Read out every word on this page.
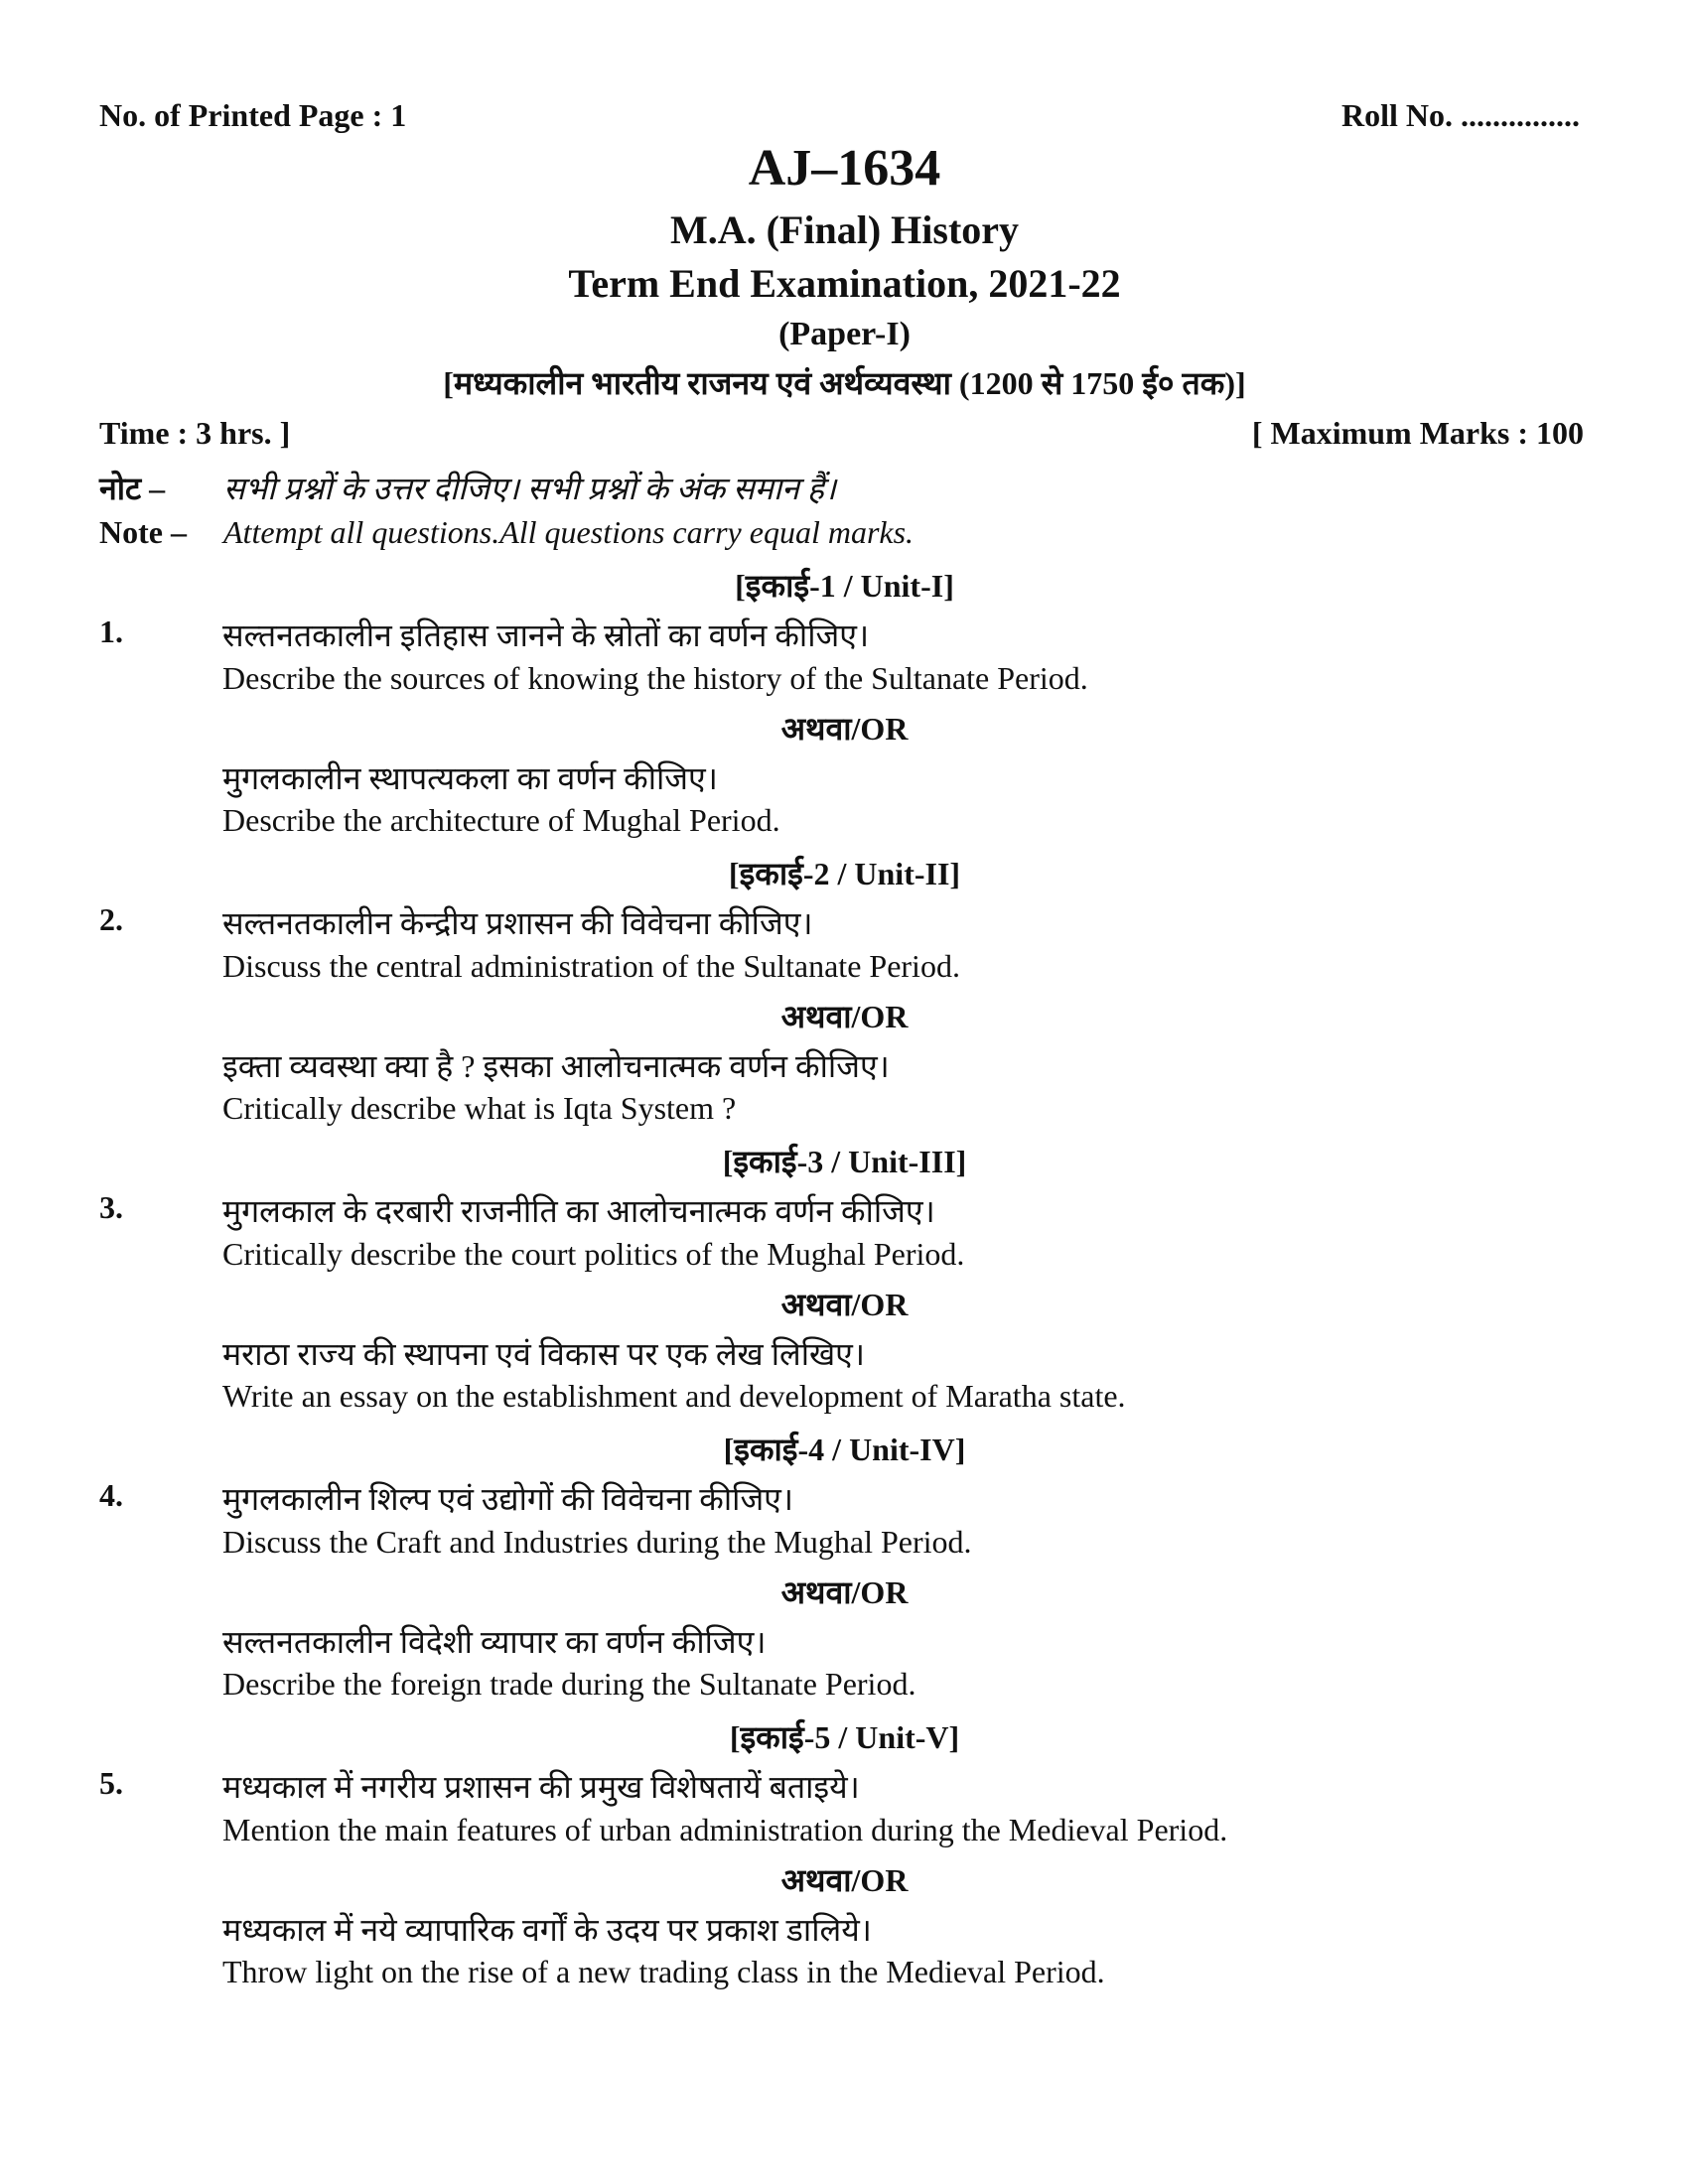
No. of Printed Page : 1	Roll No. ...............
AJ–1634
M.A. (Final) History
Term End Examination, 2021-22
(Paper-I)
[मध्यकालीन भारतीय राजनय एवं अर्थव्यवस्था (1200 से 1750 ई० तक)]
Time : 3 hrs. ]	[ Maximum Marks : 100
नोट –	सभी प्रश्नों के उत्तर दीजिए। सभी प्रश्नों के अंक समान हैं।
Note –	Attempt all questions.All questions carry equal marks.
[इकाई-1 / Unit-I]
1.	सल्तनतकालीन इतिहास जानने के स्रोतों का वर्णन कीजिए।
Describe the sources of knowing the history of the Sultanate Period.
अथवा/OR
मुगलकालीन स्थापत्यकला का वर्णन कीजिए।
Describe the architecture of Mughal Period.
[इकाई-2 / Unit-II]
2.	सल्तनतकालीन केन्द्रीय प्रशासन की विवेचना कीजिए।
Discuss the central administration of the Sultanate Period.
अथवा/OR
इक्ता व्यवस्था क्या है ? इसका आलोचनात्मक वर्णन कीजिए।
Critically describe what is Iqta System ?
[इकाई-3 / Unit-III]
3.	मुगलकाल के दरबारी राजनीति का आलोचनात्मक वर्णन कीजिए।
Critically describe the court politics of the Mughal Period.
अथवा/OR
मराठा राज्य की स्थापना एवं विकास पर एक लेख लिखिए।
Write an essay on the establishment and development of Maratha state.
[इकाई-4 / Unit-IV]
4.	मुगलकालीन शिल्प एवं उद्योगों की विवेचना कीजिए।
Discuss the Craft and Industries during the Mughal Period.
अथवा/OR
सल्तनतकालीन विदेशी व्यापार का वर्णन कीजिए।
Describe the foreign trade during the Sultanate Period.
[इकाई-5 / Unit-V]
5.	मध्यकाल में नगरीय प्रशासन की प्रमुख विशेषतायें बताइये।
Mention the main features of urban administration during the Medieval Period.
अथवा/OR
मध्यकाल में नये व्यापारिक वर्गों के उदय पर प्रकाश डालिये।
Throw light on the rise of a new trading class in the Medieval Period.
